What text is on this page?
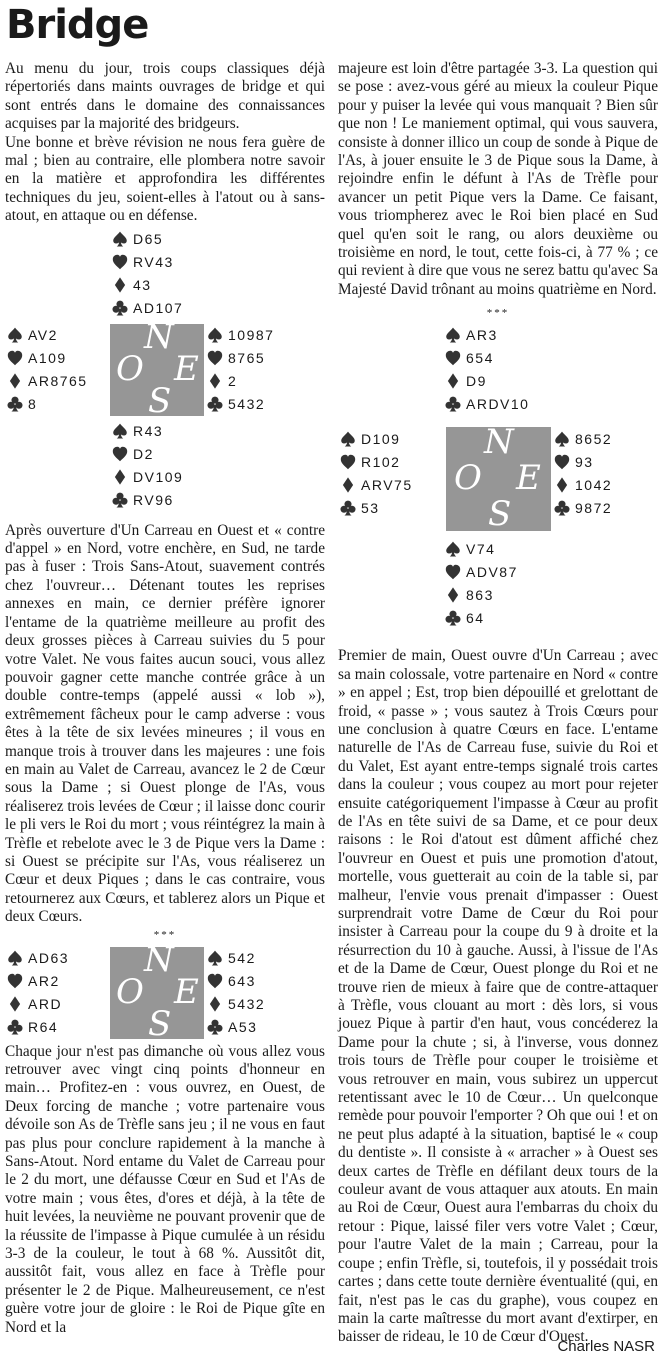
Bridge

Au menu du jour, trois coups classiques déjà répertoriés dans maints ouvrages de bridge et qui sont entrés dans le domaine des connaissances acquises par la majorité des bridgeurs.

Une bonne et brève révision ne nous fera guère de mal ; bien au contraire, elle plombera notre savoir en la matière et approfondira les différentes techniques du jeu, soient-elles à l'atout ou à sans-atout, en attaque ou en défense.

D65
RV43
43
AD107
AV2
A109
AR8765
8
N
O E
S
10987
8765
2
5432
R43
D2
DV109
RV96

Après ouverture d'Un Carreau en Ouest et « contre d'appel » en Nord, votre enchère, en Sud, ne tarde pas à fuser : Trois Sans-Atout, suavement contrés chez l'ouvreur… Détenant toutes les reprises annexes en main, ce dernier préfère ignorer l'entame de la quatrième meilleure au profit des deux grosses pièces à Carreau suivies du 5 pour votre Valet. Ne vous faites aucun souci, vous allez pouvoir gagner cette manche contrée grâce à un double contre-temps (appelé aussi « lob »), extrêmement fâcheux pour le camp adverse : vous êtes à la tête de six levées mineures ; il vous en manque trois à trouver dans les majeures : une fois en main au Valet de Carreau, avancez le 2 de Cœur sous la Dame ; si Ouest plonge de l'As, vous réaliserez trois levées de Cœur ; il laisse donc courir le pli vers le Roi du mort ; vous réintégrez la main à Trèfle et rebelote avec le 3 de Pique vers la Dame : si Ouest se précipite sur l'As, vous réaliserez un Cœur et deux Piques ; dans le cas contraire, vous retournerez aux Cœurs, et tablerez alors un Pique et deux Cœurs.

***
AD63
AR2
ARD
R64
N
O E
S
542
643
5432
A53

Chaque jour n'est pas dimanche où vous allez vous retrouver avec vingt cinq points d'honneur en main… Profitez-en : vous ouvrez, en Ouest, de Deux forcing de manche ; votre partenaire vous dévoile son As de Trèfle sans jeu ; il ne vous en faut pas plus pour conclure rapidement à la manche à Sans-Atout. Nord entame du Valet de Carreau pour le 2 du mort, une défausse Cœur en Sud et l'As de votre main ; vous êtes, d'ores et déjà, à la tête de huit levées, la neuvième ne pouvant provenir que de la réussite de l'impasse à Pique cumulée à un résidu 3-3 de la couleur, le tout à 68 %. Aussitôt dit, aussitôt fait, vous allez en face à Trèfle pour présenter le 2 de Pique. Malheureusement, ce n'est guère votre jour de gloire : le Roi de Pique gîte en Nord et la

majeure est loin d'être partagée 3-3. La question qui se pose : avez-vous géré au mieux la couleur Pique pour y puiser la levée qui vous manquait ? Bien sûr que non ! Le maniement optimal, qui vous sauvera, consiste à donner illico un coup de sonde à Pique de l'As, à jouer ensuite le 3 de Pique sous la Dame, à rejoindre enfin le défunt à l'As de Trèfle pour avancer un petit Pique vers la Dame. Ce faisant, vous triompherez avec le Roi bien placé en Sud quel qu'en soit le rang, ou alors deuxième ou troisième en nord, le tout, cette fois-ci, à 77 % ; ce qui revient à dire que vous ne serez battu qu'avec Sa Majesté David trônant au moins quatrième en Nord.

***
AR3
654
D9
ARDV10
D109
R102
ARV75
53
N
O E
S
8652
93
1042
9872
V74
ADV87
863
64

Premier de main, Ouest ouvre d'Un Carreau ; avec sa main colossale, votre partenaire en Nord « contre » en appel ; Est, trop bien dépouillé et grelottant de froid, « passe » ; vous sautez à Trois Cœurs pour une conclusion à quatre Cœurs en face. L'entame naturelle de l'As de Carreau fuse, suivie du Roi et du Valet, Est ayant entre-temps signalé trois cartes dans la couleur ; vous coupez au mort pour rejeter ensuite catégoriquement l'impasse à Cœur au profit de l'As en tête suivi de sa Dame, et ce pour deux raisons : le Roi d'atout est dûment affiché chez l'ouvreur en Ouest et puis une promotion d'atout, mortelle, vous guetterait au coin de la table si, par malheur, l'envie vous prenait d'impasser : Ouest surprendrait votre Dame de Cœur du Roi pour insister à Carreau pour la coupe du 9 à droite et la résurrection du 10 à gauche. Aussi, à l'issue de l'As et de la Dame de Cœur, Ouest plonge du Roi et ne trouve rien de mieux à faire que de contre-attaquer à Trèfle, vous clouant au mort : dès lors, si vous jouez Pique à partir d'en haut, vous concéderez la Dame pour la chute ; si, à l'inverse, vous donnez trois tours de Trèfle pour couper le troisième et vous retrouver en main, vous subirez un uppercut retentissant avec le 10 de Cœur… Un quelconque remède pour pouvoir l'emporter ? Oh que oui ! et on ne peut plus adapté à la situation, baptisé le « coup du dentiste ». Il consiste à « arracher » à Ouest ses deux cartes de Trèfle en défilant deux tours de la couleur avant de vous attaquer aux atouts. En main au Roi de Cœur, Ouest aura l'embarras du choix du retour : Pique, laissé filer vers votre Valet ; Cœur, pour l'autre Valet de la main ; Carreau, pour la coupe ; enfin Trèfle, si, toutefois, il y possédait trois cartes ; dans cette toute dernière éventualité (qui, en fait, n'est pas le cas du graphe), vous coupez en main la carte maîtresse du mort avant d'extirper, en baisser de rideau, le 10 de Cœur d'Ouest.

Charles NASR
